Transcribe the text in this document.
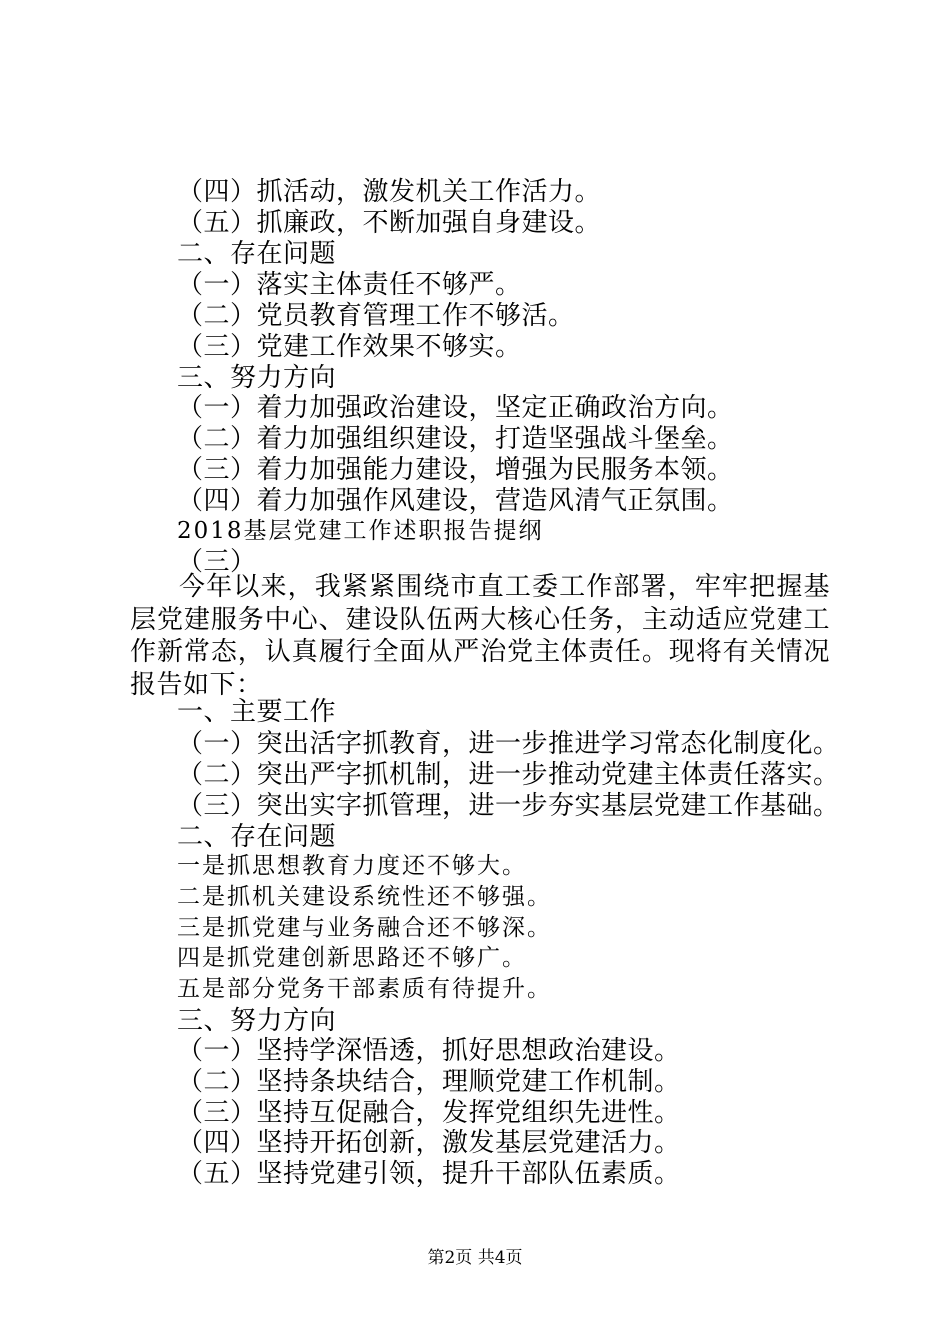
（四）抓活动，激发机关工作活力。
（五）抓廉政，不断加强自身建设。
二、存在问题
（一）落实主体责任不够严。
（二）党员教育管理工作不够活。
（三）党建工作效果不够实。
三、努力方向
（一）着力加强政治建设，坚定正确政治方向。
（二）着力加强组织建设，打造坚强战斗堡垒。
（三）着力加强能力建设，增强为民服务本领。
（四）着力加强作风建设，营造风清气正氛围。
2018基层党建工作述职报告提纲
（三）
今年以来，我紧紧围绕市直工委工作部署，牢牢把握基层党建服务中心、建设队伍两大核心任务，主动适应党建工作新常态，认真履行全面从严治党主体责任。现将有关情况报告如下：
一、主要工作
（一）突出活字抓教育，进一步推进学习常态化制度化。
（二）突出严字抓机制，进一步推动党建主体责任落实。
（三）突出实字抓管理，进一步夯实基层党建工作基础。
二、存在问题
一是抓思想教育力度还不够大。
二是抓机关建设系统性还不够强。
三是抓党建与业务融合还不够深。
四是抓党建创新思路还不够广。
五是部分党务干部素质有待提升。
三、努力方向
（一）坚持学深悟透，抓好思想政治建设。
（二）坚持条块结合，理顺党建工作机制。
（三）坚持互促融合，发挥党组织先进性。
（四）坚持开拓创新，激发基层党建活力。
（五）坚持党建引领，提升干部队伍素质。
第2页 共4页
